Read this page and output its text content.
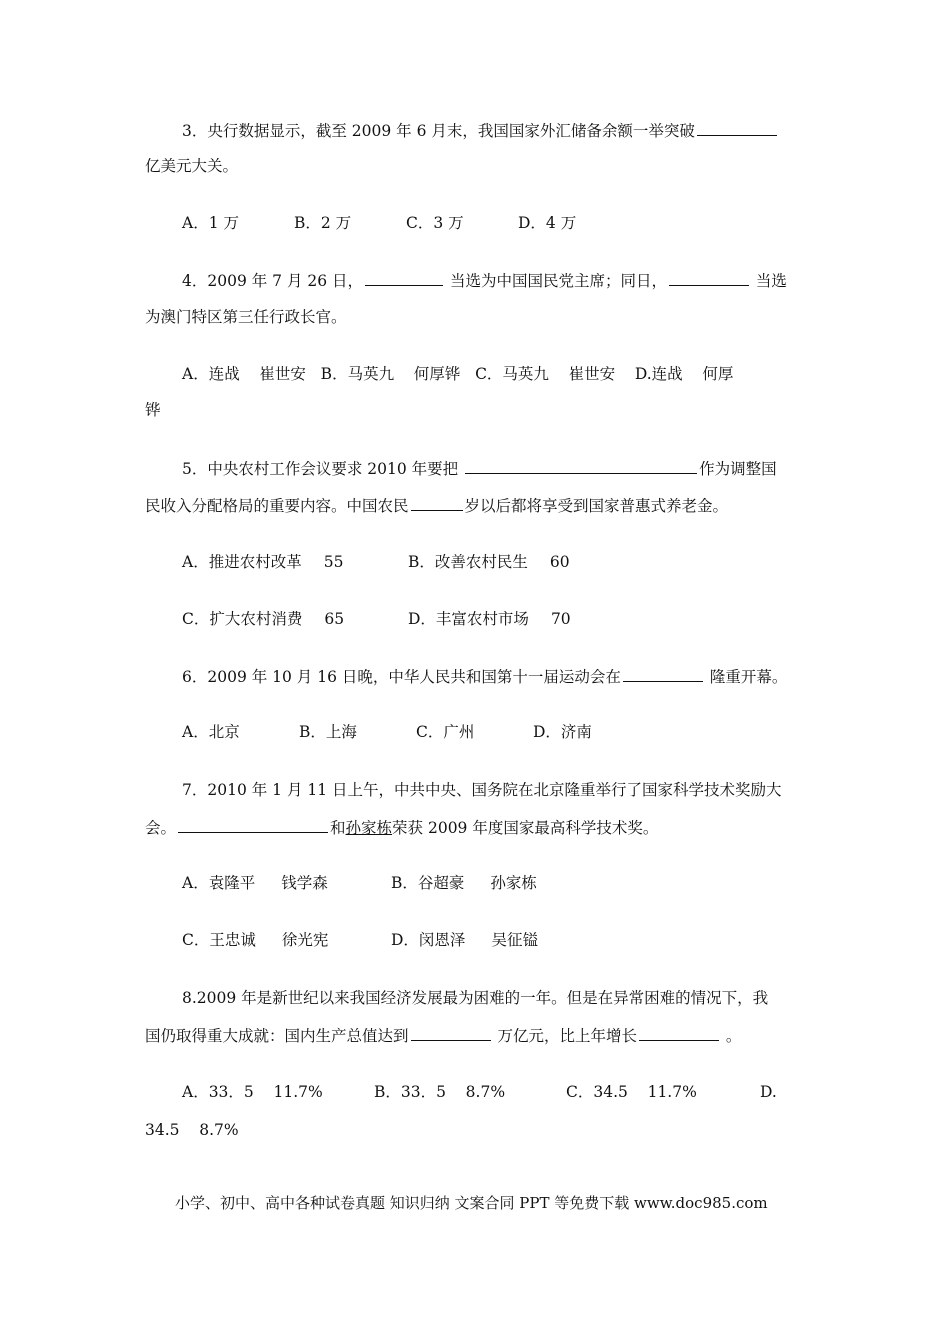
3．央行数据显示，截至 2009 年 6 月末，我国国家外汇储备余额一举突破
亿美元大关。
A．1 万	B．2 万	C．3 万	D．4 万
4．2009 年 7 月 26 日，	当选为中国国民党主席；同日，	当选
为澳门特区第三任行政长官。
A．连战    崔世安   B．马英九    何厚铧   C．马英九    崔世安    D.连战    何厚
铧
5．中央农村工作会议要求 2010 年要把	作为调整国
民收入分配格局的重要内容。中国农民	岁以后都将享受到国家普惠式养老金。
A．推进农村改革 55	B．改善农村民生 60
C．扩大农村消费 65	D．丰富农村市场 70
6．2009 年 10 月 16 日晚，中华人民共和国第十一届运动会在	隆重开幕。
A．北京	B．上海	C．广州	D．济南
7．2010 年 1 月 11 日上午，中共中央、国务院在北京隆重举行了国家科学技术奖励大
会。	和孙家栋荣获 2009 年度国家最高科学技术奖。
A．袁隆平 钱学森	B．谷超豪 孙家栋
C．王忠诚 徐光宪	D．闵恩泽 吴征镒
8.2009 年是新世纪以来我国经济发展最为困难的一年。但是在异常困难的情况下，我
国仍取得重大成就：国内生产总值达到	万亿元，比上年增长	。
A．33．5    11.7%	B．33．5    8.7%	C．34.5    11.7%	D.
34.5    8.7%
小学、初中、高中各种试卷真题 知识归纳 文案合同 PPT 等免费下载 www.doc985.com
